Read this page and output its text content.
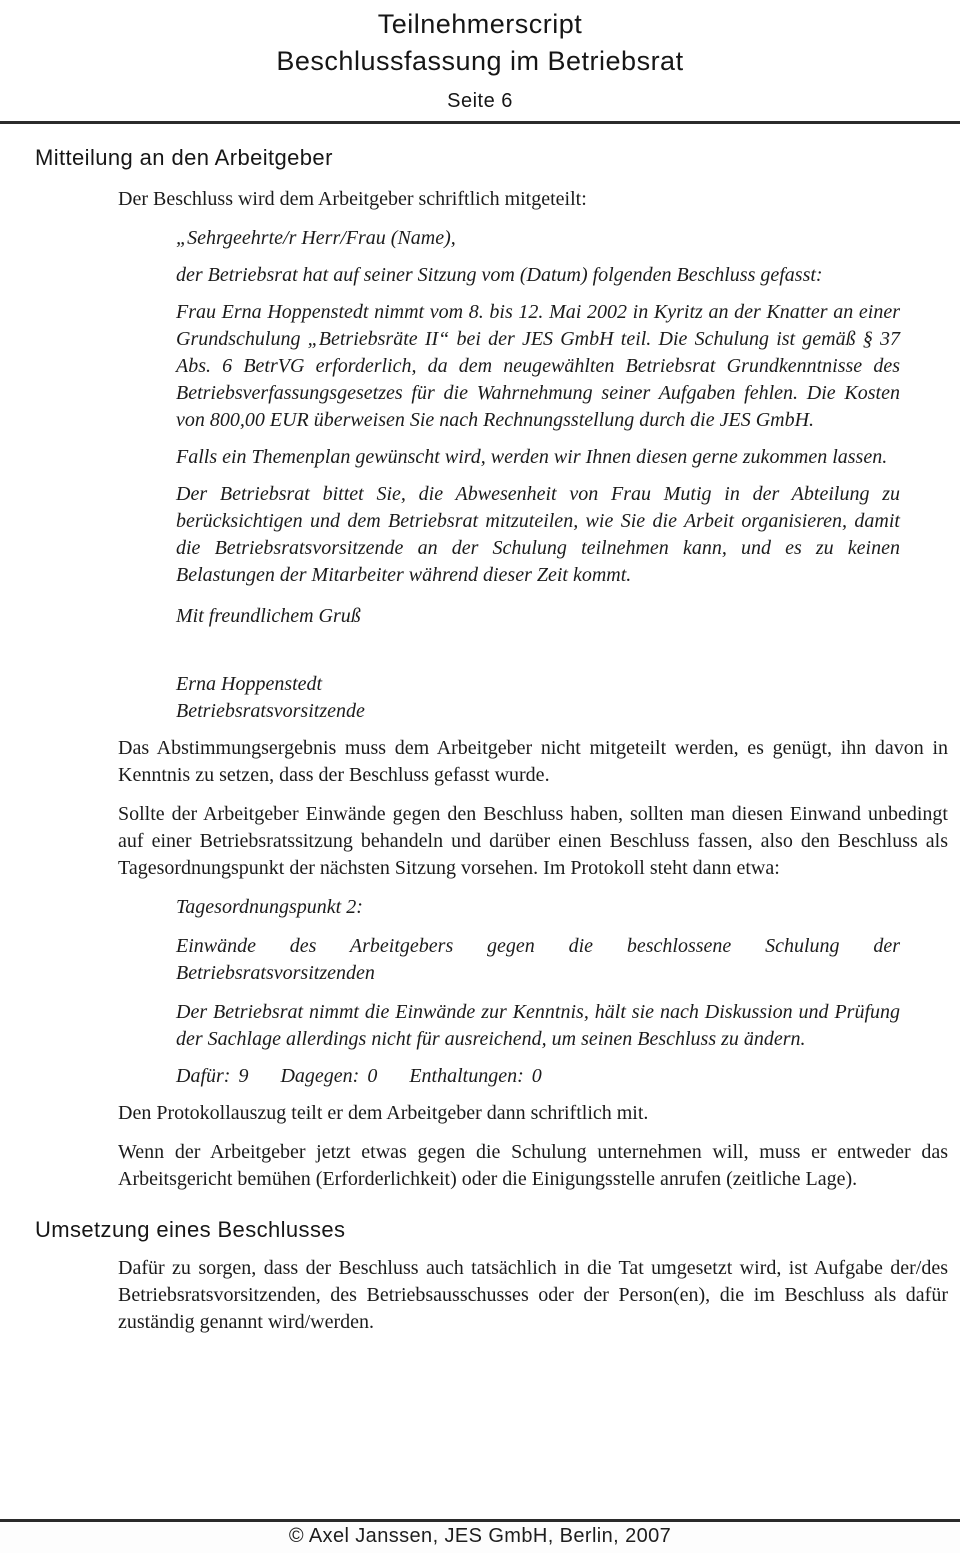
Teilnehmerscript
Beschlussfassung im Betriebsrat
Seite 6
Mitteilung an den Arbeitgeber

Der Beschluss wird dem Arbeitgeber schriftlich mitgeteilt:

„Sehrgeehrte/r Herr/Frau (Name),

der Betriebsrat hat auf seiner Sitzung vom (Datum) folgenden Beschluss gefasst:

Frau Erna Hoppenstedt nimmt vom 8. bis 12. Mai 2002 in Kyritz an der Knatter an einer Grundschulung „Betriebsräte II“ bei der JES GmbH teil. Die Schulung ist gemäß § 37 Abs. 6 BetrVG erforderlich, da dem neugewählten Betriebsrat Grundkenntnisse des Betriebsverfassungsgesetzes für die Wahrnehmung seiner Aufgaben fehlen. Die Kosten von 800,00 EUR überweisen Sie nach Rechnungsstellung durch die JES GmbH.

Falls ein Themenplan gewünscht wird, werden wir Ihnen diesen gerne zukommen lassen.

Der Betriebsrat bittet Sie, die Abwesenheit von Frau Mutig in der Abteilung zu berücksichtigen und dem Betriebsrat mitzuteilen, wie Sie die Arbeit organisieren, damit die Betriebsratsvorsitzende an der Schulung teilnehmen kann, und es zu keinen Belastungen der Mitarbeiter während dieser Zeit kommt.

Mit freundlichem Gruß

Erna Hoppenstedt
Betriebsratsvorsitzende

Das Abstimmungsergebnis muss dem Arbeitgeber nicht mitgeteilt werden, es genügt, ihn davon in Kenntnis zu setzen, dass der Beschluss gefasst wurde.

Sollte der Arbeitgeber Einwände gegen den Beschluss haben, sollten man diesen Einwand unbedingt auf einer Betriebsratssitzung behandeln und darüber einen Beschluss fassen, also den Beschluss als Tagesordnungspunkt der nächsten Sitzung vorsehen. Im Protokoll steht dann etwa:

Tagesordnungspunkt 2:

Einwände des Arbeitgebers gegen die beschlossene Schulung der Betriebsratsvorsitzenden

Der Betriebsrat nimmt die Einwände zur Kenntnis, hält sie nach Diskussion und Prüfung der Sachlage allerdings nicht für ausreichend, um seinen Beschluss zu ändern.

Dafür: 9 Dagegen: 0 Enthaltungen: 0

Den Protokollauszug teilt er dem Arbeitgeber dann schriftlich mit.

Wenn der Arbeitgeber jetzt etwas gegen die Schulung unternehmen will, muss er entweder das Arbeitsgericht bemühen (Erforderlichkeit) oder die Einigungsstelle anrufen (zeitliche Lage).

Umsetzung eines Beschlusses

Dafür zu sorgen, dass der Beschluss auch tatsächlich in die Tat umgesetzt wird, ist Aufgabe der/des Betriebsratsvorsitzenden, des Betriebsausschusses oder der Person(en), die im Beschluss als dafür zuständig genannt wird/werden.

© Axel Janssen, JES GmbH, Berlin, 2007
